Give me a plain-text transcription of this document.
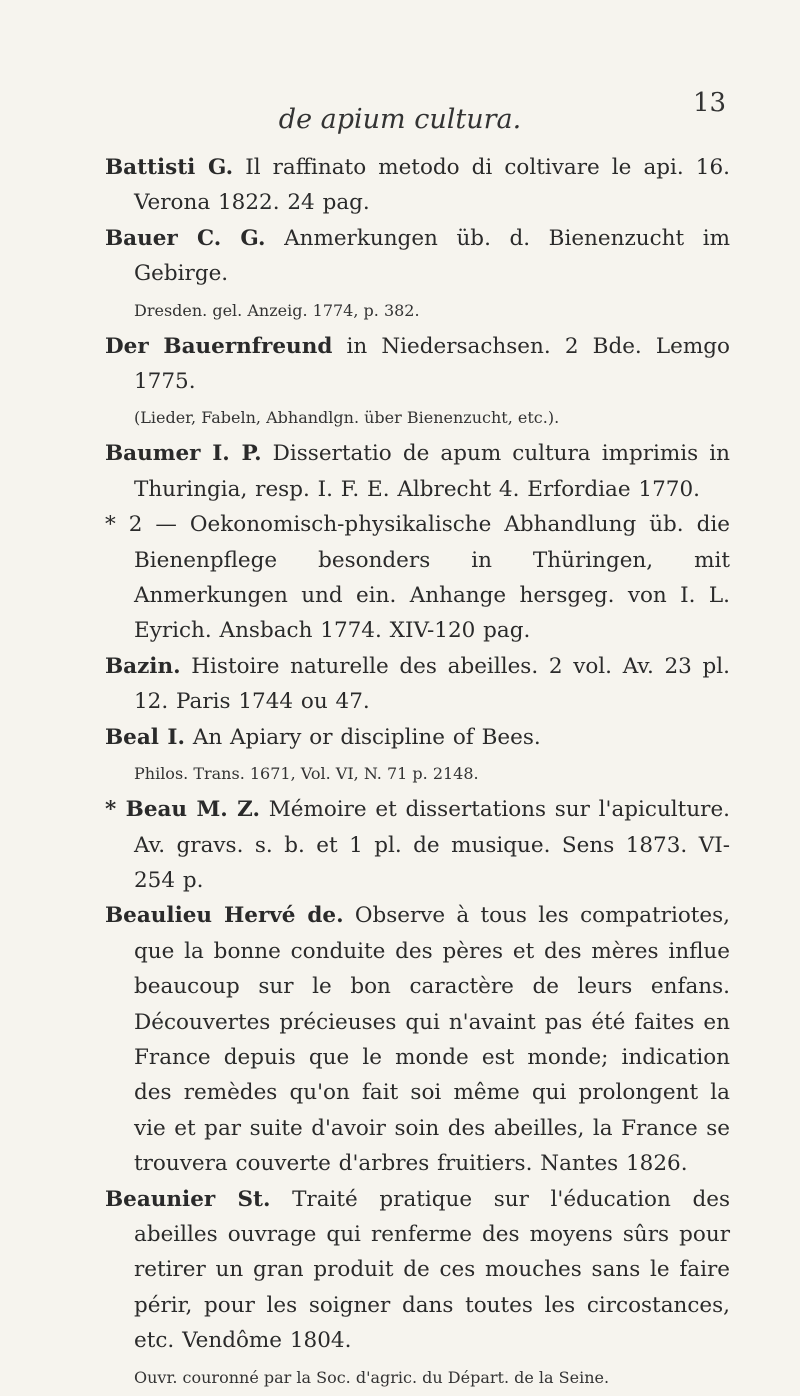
de apium cultura.
13
Battisti G. Il raffinato metodo di coltivare le api. 16. Verona 1822. 24 pag.
Bauer C. G. Anmerkungen üb. d. Bienenzucht im Gebirge.
Dresden. gel. Anzeig. 1774, p. 382.
Der Bauernfreund in Niedersachsen. 2 Bde. Lemgo 1775.
(Lieder, Fabeln, Abhandlgn. über Bienenzucht, etc.).
Baumer I. P. Dissertatio de apum cultura imprimis in Thuringia, resp. I. F. E. Albrecht 4. Erfordiae 1770.
* 2 — Oekonomisch-physikalische Abhandlung üb. die Bienenpflege besonders in Thüringen, mit Anmerkungen und ein. Anhange hersgeg. von I. L. Eyrich. Ansbach 1774. XIV-120 pag.
Bazin. Histoire naturelle des abeilles. 2 vol. Av. 23 pl. 12. Paris 1744 ou 47.
Beal I. An Apiary or discipline of Bees.
Philos. Trans. 1671, Vol. VI, N. 71 p. 2148.
* Beau M. Z. Mémoire et dissertations sur l'apiculture. Av. gravs. s. b. et 1 pl. de musique. Sens 1873. VI-254 p.
Beaulieu Hervé de. Observe à tous les compatriotes, que la bonne conduite des pères et des mères influe beaucoup sur le bon caractère de leurs enfans. Découvertes précieuses qui n'avaint pas été faites en France depuis que le monde est monde; indication des remèdes qu'on fait soi même qui prolongent la vie et par suite d'avoir soin des abeilles, la France se trouvera couverte d'arbres fruitiers. Nantes 1826.
Beaunier St. Traité pratique sur l'éducation des abeilles ouvrage qui renferme des moyens sûrs pour retirer un gran produit de ces mouches sans le faire périr, pour les soigner dans toutes les circostances, etc. Vendôme 1804.
Ouvr. couronné par la Soc. d'agric. du Départ. de la Seine.
